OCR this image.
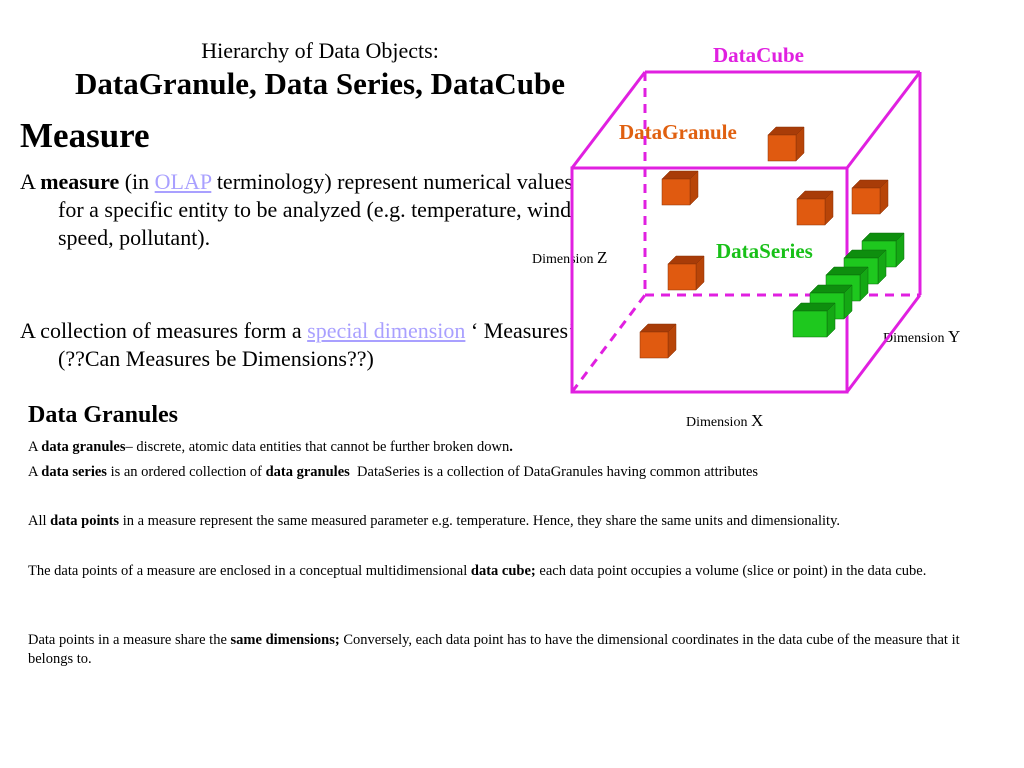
Hierarchy of Data Objects:
DataGranule, Data Series, DataCube
Measure
A measure (in OLAP terminology) represent numerical values for a specific entity to be analyzed (e.g. temperature, wind speed, pollutant).
A collection of measures form a special dimension ‘ Measures’ (??Can Measures be Dimensions??)
Data Granules
A data granules– discrete, atomic data entities that cannot be further broken down.
A data series is an ordered collection of data granules  DataSeries is a collection of DataGranules having common attributes
All data points in a measure represent the same measured parameter e.g. temperature. Hence, they share the same units and dimensionality.
The data points of a measure are enclosed in a conceptual multidimensional data cube; each data point occupies a volume (slice or point) in the data cube.
Data points in a measure share the same dimensions; Conversely, each data point has to have the dimensional coordinates in the data cube of the measure that it belongs to.
DataCube
DataGranule
DataSeries
Dimension Z
Dimension Y
Dimension X
